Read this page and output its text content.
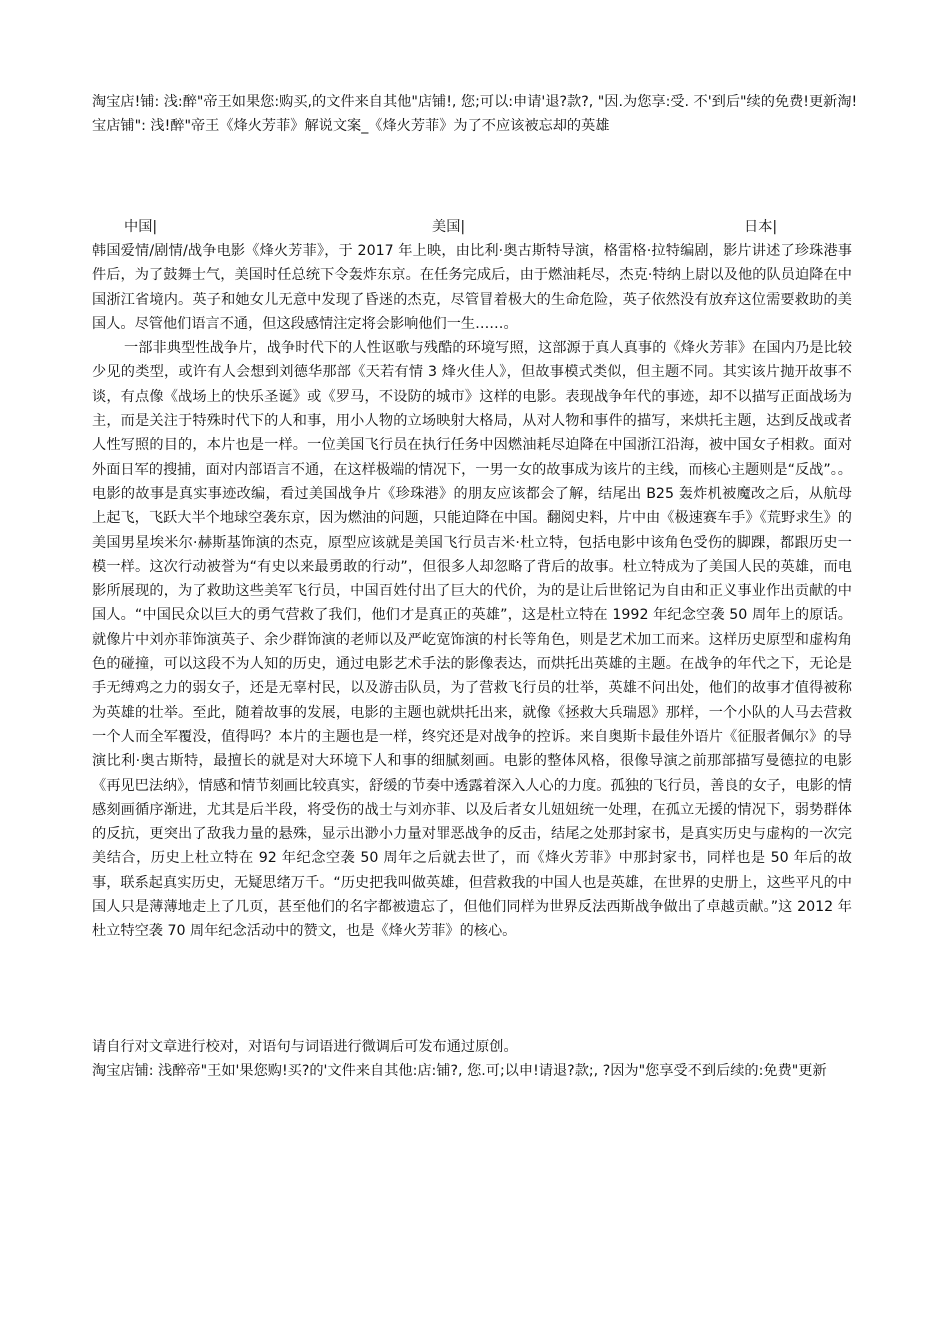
淘宝店!铺: 浅:醉"帝王如果您:购买,的文件来自其他"店铺!, 您;可以:申请'退?款?, "因.为您享:受. 不'到后"续的免费!更新淘!宝店铺": 浅!醉"帝王《烽火芳菲》解说文案_《烽火芳菲》为了不应该被忘却的英雄
中国|	美国|	日本|

韩国爱情/剧情/战争电影《烽火芳菲》，于 2017 年上映，由比利·奥古斯特导演，格雷格·拉特编剧，影片讲述了珍珠港事件后，为了鼓舞士气，美国时任总统下令轰炸东京。在任务完成后，由于燃油耗尽，杰克·特纳上尉以及他的队员迫降在中国浙江省境内。英子和她女儿无意中发现了昏迷的杰克，尽管冒着极大的生命危险，英子依然没有放弃这位需要救助的美国人。尽管他们语言不通，但这段感情注定将会影响他们一生……。

一部非典型性战争片，战争时代下的人性讴歌与残酷的环境写照，这部源于真人真事的《烽火芳菲》在国内乃是比较少见的类型，或许有人会想到刘德华那部《天若有情 3 烽火佳人》，但故事模式类似，但主题不同。其实该片抛开故事不谈，有点像《战场上的快乐圣诞》或《罗马，不设防的城市》这样的电影。表现战争年代的事迹，却不以描写正面战场为主，而是关注于特殊时代下的人和事，用小人物的立场映射大格局，从对人物和事件的描写，来烘托主题，达到反战或者人性写照的目的，本片也是一样。一位美国飞行员在执行任务中因燃油耗尽迫降在中国浙江沿海，被中国女子相救。面对外面日军的搜捕，面对内部语言不通，在这样极端的情况下，一男一女的故事成为该片的主线，而核心主题则是“反战”。。电影的故事是真实事迹改编，看过美国战争片《珍珠港》的朋友应该都会了解，结尾出 B25 轰炸机被魔改之后，从航母上起飞，飞跃大半个地球空袭东京，因为燃油的问题，只能迫降在中国。翻阅史料，片中由《极速赛车手》《荒野求生》的美国男星埃米尔·赫斯基饰演的杰克，原型应该就是美国飞行员吉米·杜立特，包括电影中该角色受伤的脚踝，都跟历史一模一样。这次行动被誉为“有史以来最勇敢的行动”，但很多人却忽略了背后的故事。杜立特成为了美国人民的英雄，而电影所展现的，为了救助这些美军飞行员，中国百姓付出了巨大的代价，为的是让后世铭记为自由和正义事业作出贡献的中国人。“中国民众以巨大的勇气营救了我们，他们才是真正的英雄”，这是杜立特在 1992 年纪念空袭 50 周年上的原话。就像片中刘亦菲饰演英子、余少群饰演的老师以及严屹宽饰演的村长等角色，则是艺术加工而来。这样历史原型和虚构角色的碰撞，可以这段不为人知的历史，通过电影艺术手法的影像表达，而烘托出英雄的主题。在战争的年代之下，无论是手无缚鸡之力的弱女子，还是无辜村民，以及游击队员，为了营救飞行员的壮举，英雄不问出处，他们的故事才值得被称为英雄的壮举。至此，随着故事的发展，电影的主题也就烘托出来，就像《拯救大兵瑞恩》那样，一个小队的人马去营救一个人而全军覆没，值得吗？本片的主题也是一样，终究还是对战争的控诉。来自奥斯卡最佳外语片《征服者佩尔》的导演比利·奥古斯特，最擅长的就是对大环境下人和事的细腻刻画。电影的整体风格，很像导演之前那部描写曼德拉的电影《再见巴法纳》，情感和情节刻画比较真实，舒缓的节奏中透露着深入人心的力度。孤独的飞行员，善良的女子，电影的情感刻画循序渐进，尤其是后半段，将受伤的战士与刘亦菲、以及后者女儿妞妞统一处理，在孤立无援的情况下，弱势群体的反抗，更突出了敌我力量的悬殊，显示出渺小力量对罪恶战争的反击，结尾之处那封家书，是真实历史与虚构的一次完美结合，历史上杜立特在 92 年纪念空袭 50 周年之后就去世了，而《烽火芳菲》中那封家书，同样也是 50 年后的故事，联系起真实历史，无疑思绪万千。“历史把我叫做英雄，但营救我的中国人也是英雄，在世界的史册上，这些平凡的中国人只是薄薄地走上了几页，甚至他们的名字都被遗忘了，但他们同样为世界反法西斯战争做出了卓越贡献。”这 2012 年杜立特空袭 70 周年纪念活动中的赞文，也是《烽火芳菲》的核心。

请自行对文章进行校对，对语句与词语进行微调后可发布通过原创。

淘宝店铺: 浅醉帝"王如'果您购!买?的'文件来自其他:店:铺?, 您.可;以申!请退?款;, ?因为"您享受不到后续的:免费"更新
